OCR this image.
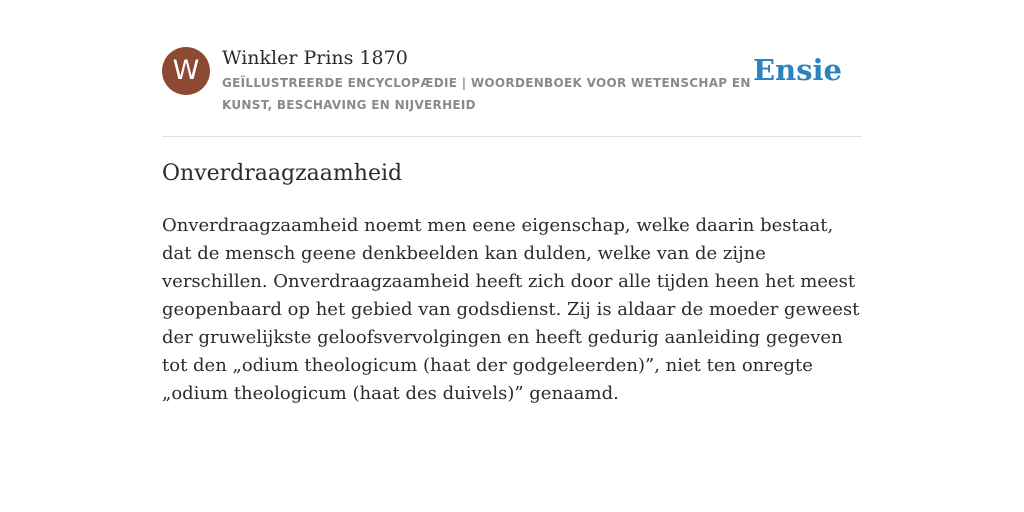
W	Winkler Prins 1870
GEÏLLUSTREERDE ENCYCLOPÆDIE | WOORDENBOEK VOOR WETENSCHAP EN KUNST, BESCHAVING EN NIJVERHEID
Ensie
Onverdraagzaamheid

Onverdraagzaamheid noemt men eene eigenschap, welke daarin bestaat, dat de mensch geene denkbeelden kan dulden, welke van de zijne verschillen. Onverdraagzaamheid heeft zich door alle tijden heen het meest geopenbaard op het gebied van godsdienst. Zij is aldaar de moeder geweest der gruwelijkste geloofsvervolgingen en heeft gedurig aanleiding gegeven tot den „odium theologicum (haat der godgeleerden)”, niet ten onregte „odium theologicum (haat des duivels)” genaamd.
